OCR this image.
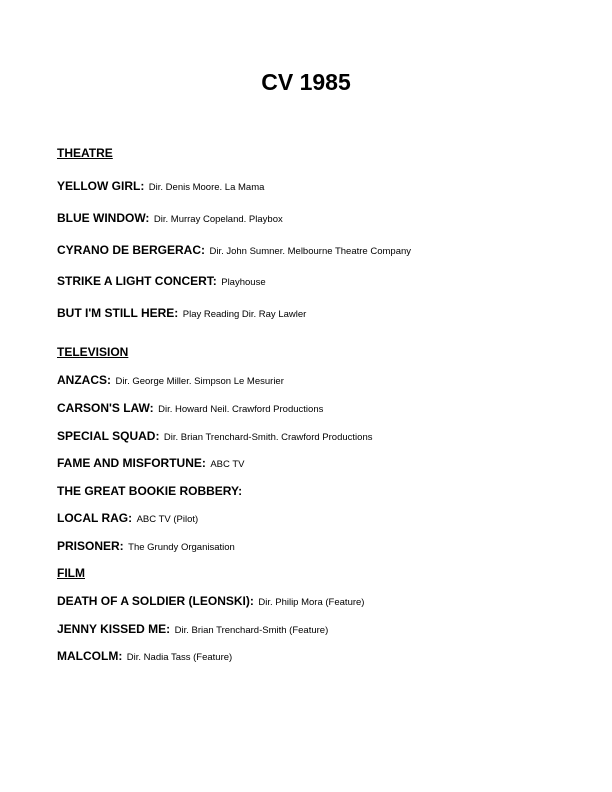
CV 1985
THEATRE
YELLOW GIRL: Dir. Denis Moore. La Mama
BLUE WINDOW: Dir. Murray Copeland. Playbox
CYRANO DE BERGERAC: Dir. John Sumner. Melbourne Theatre Company
STRIKE A LIGHT CONCERT: Playhouse
BUT I'M STILL HERE: Play Reading Dir. Ray Lawler
TELEVISION
ANZACS: Dir. George Miller. Simpson Le Mesurier
CARSON'S LAW: Dir. Howard Neil. Crawford Productions
SPECIAL SQUAD: Dir. Brian Trenchard-Smith. Crawford Productions
FAME AND MISFORTUNE: ABC TV
THE GREAT BOOKIE ROBBERY:
LOCAL RAG: ABC TV (Pilot)
PRISONER: The Grundy Organisation
FILM
DEATH OF A SOLDIER (LEONSKI): Dir. Philip Mora (Feature)
JENNY KISSED ME: Dir. Brian Trenchard-Smith (Feature)
MALCOLM: Dir. Nadia Tass (Feature)
